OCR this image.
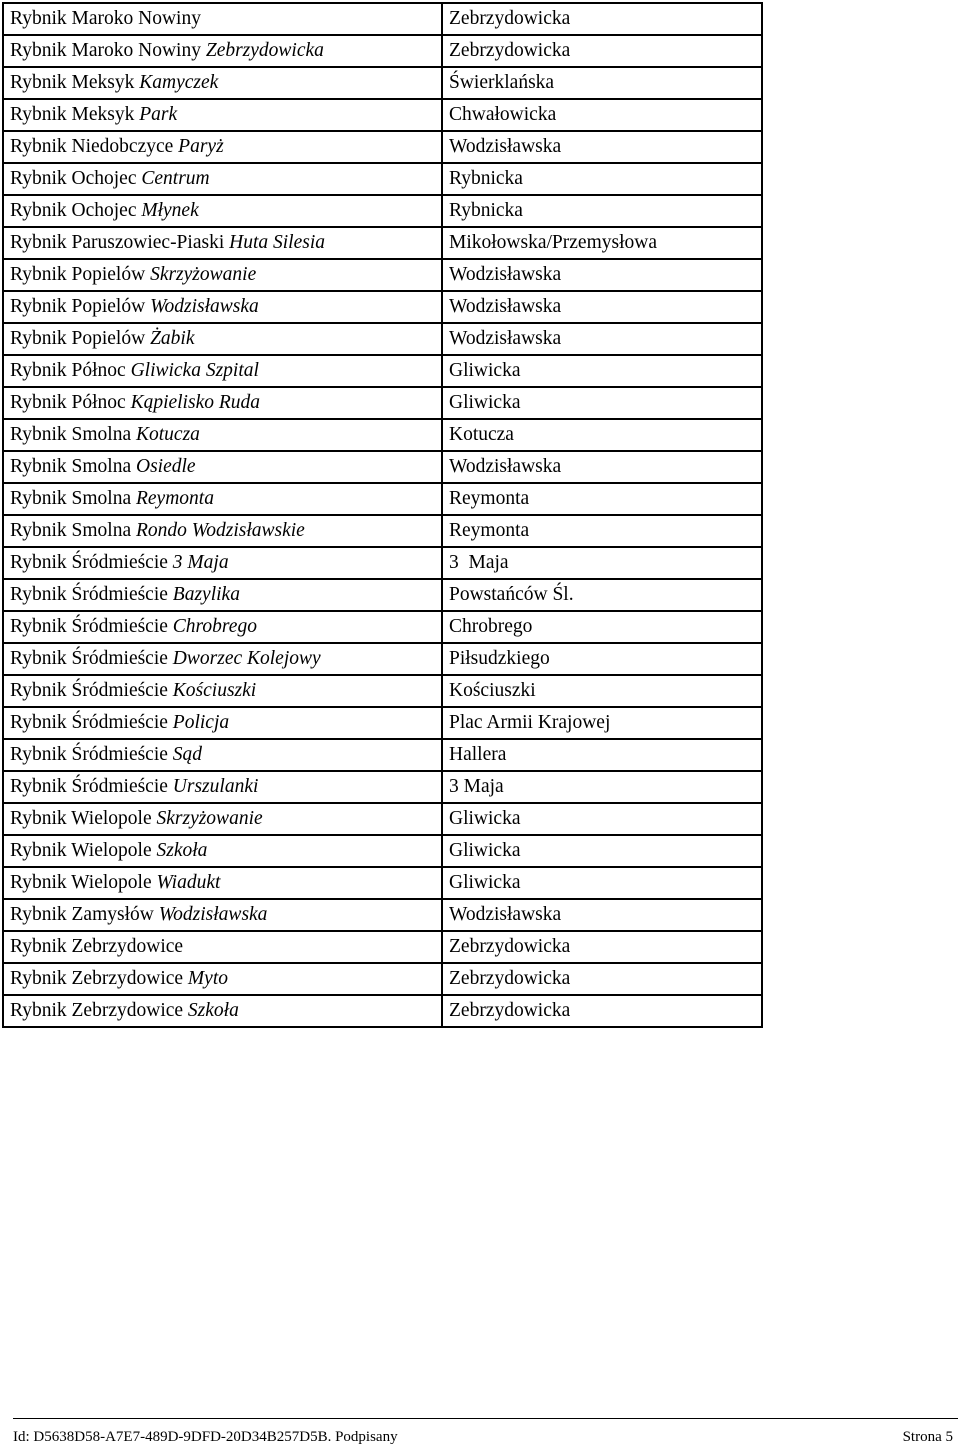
Rybnik Maroko Nowiny	Zebrzydowicka
Rybnik Maroko Nowiny Zebrzydowicka	Zebrzydowicka
Rybnik Meksyk Kamyczek	Świerklańska
Rybnik Meksyk Park	Chwałowicka
Rybnik Niedobczyce Paryż	Wodzisławska
Rybnik Ochojec Centrum	Rybnicka
Rybnik Ochojec Młynek	Rybnicka
Rybnik Paruszowiec-Piaski Huta Silesia	Mikołowska/Przemysłowa
Rybnik Popielów Skrzyżowanie	Wodzisławska
Rybnik Popielów Wodzisławska	Wodzisławska
Rybnik Popielów Żabik	Wodzisławska
Rybnik Północ Gliwicka Szpital	Gliwicka
Rybnik Północ Kąpielisko Ruda	Gliwicka
Rybnik Smolna Kotucza	Kotucza
Rybnik Smolna Osiedle	Wodzisławska
Rybnik Smolna Reymonta	Reymonta
Rybnik Smolna Rondo Wodzisławskie	Reymonta
Rybnik Śródmieście 3 Maja	3  Maja
Rybnik Śródmieście Bazylika	Powstańców Śl.
Rybnik Śródmieście Chrobrego	Chrobrego
Rybnik Śródmieście Dworzec Kolejowy	Piłsudzkiego
Rybnik Śródmieście Kościuszki	Kościuszki
Rybnik Śródmieście Policja	Plac Armii Krajowej
Rybnik Śródmieście Sąd	Hallera
Rybnik Śródmieście Urszulanki	3 Maja
Rybnik Wielopole Skrzyżowanie	Gliwicka
Rybnik Wielopole Szkoła	Gliwicka
Rybnik Wielopole Wiadukt	Gliwicka
Rybnik Zamysłów Wodzisławska	Wodzisławska
Rybnik Zebrzydowice	Zebrzydowicka
Rybnik Zebrzydowice Myto	Zebrzydowicka
Rybnik Zebrzydowice Szkoła	Zebrzydowicka
Id: D5638D58-A7E7-489D-9DFD-20D34B257D5B. Podpisany	Strona 5
